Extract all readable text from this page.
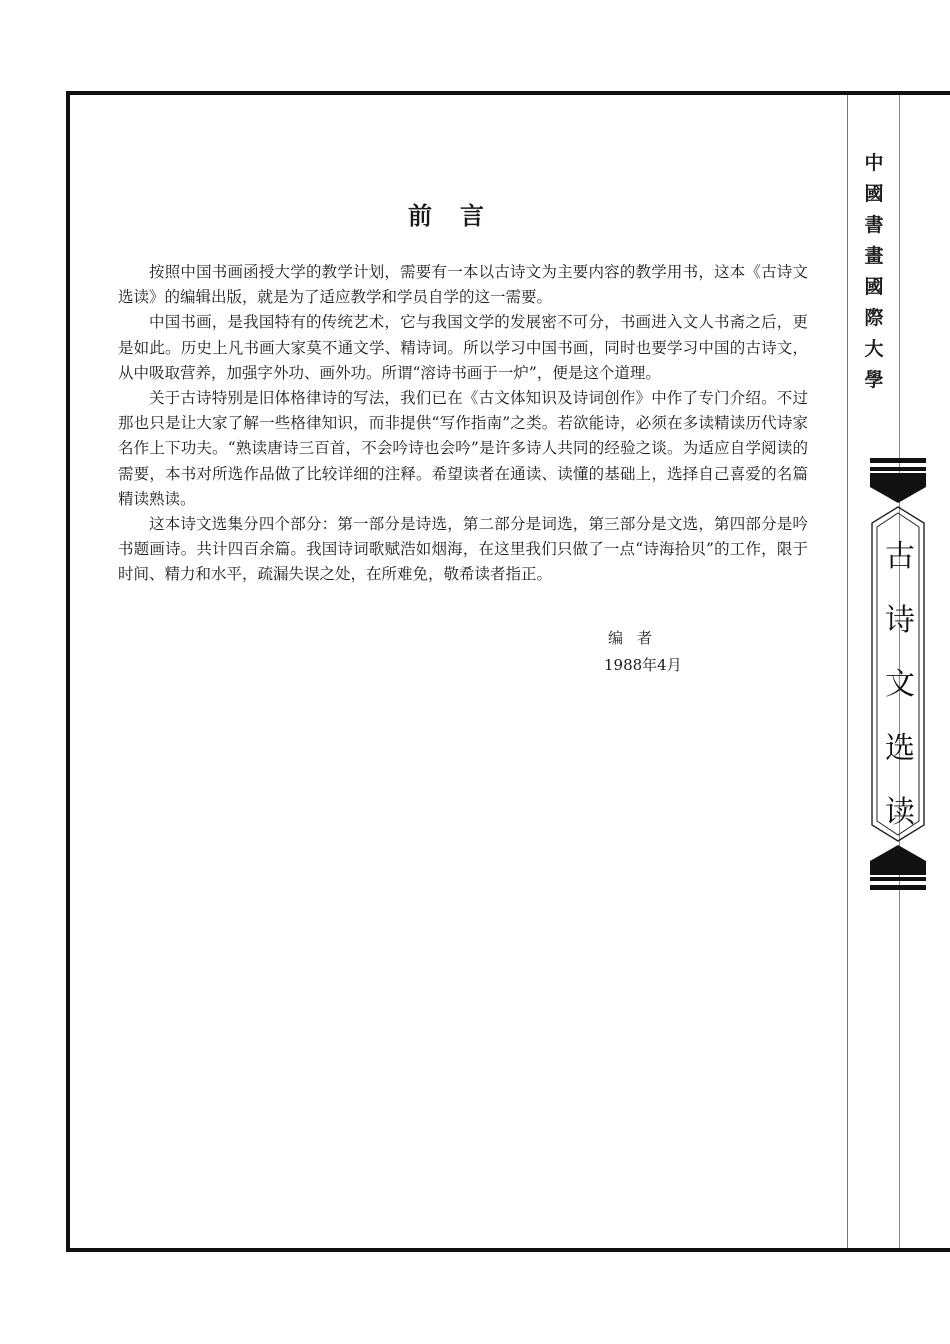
前言

按照中国书画函授大学的教学计划，需要有一本以古诗文为主要内容的教学用书，这本《古诗文选读》的编辑出版，就是为了适应教学和学员自学的这一需要。

中国书画，是我国特有的传统艺术，它与我国文学的发展密不可分，书画进入文人书斋之后，更是如此。历史上凡书画大家莫不通文学、精诗词。所以学习中国书画，同时也要学习中国的古诗文，从中吸取营养，加强字外功、画外功。所谓“溶诗书画于一炉”，便是这个道理。

关于古诗特别是旧体格律诗的写法，我们已在《古文体知识及诗词创作》中作了专门介绍。不过那也只是让大家了解一些格律知识，而非提供“写作指南”之类。若欲能诗，必须在多读精读历代诗家名作上下功夫。“熟读唐诗三百首，不会吟诗也会吟”是许多诗人共同的经验之谈。为适应自学阅读的需要，本书对所选作品做了比较详细的注释。希望读者在通读、读懂的基础上，选择自己喜爱的名篇精读熟读。

这本诗文选集分四个部分：第一部分是诗选，第二部分是词选，第三部分是文选，第四部分是吟书题画诗。共计四百余篇。我国诗词歌赋浩如烟海，在这里我们只做了一点“诗海拾贝”的工作，限于时间、精力和水平，疏漏失误之处，在所难免，敬希读者指正。

编者
1988年4月
中
國
書
畫
國
際
大
學
古
诗
文
选
读
